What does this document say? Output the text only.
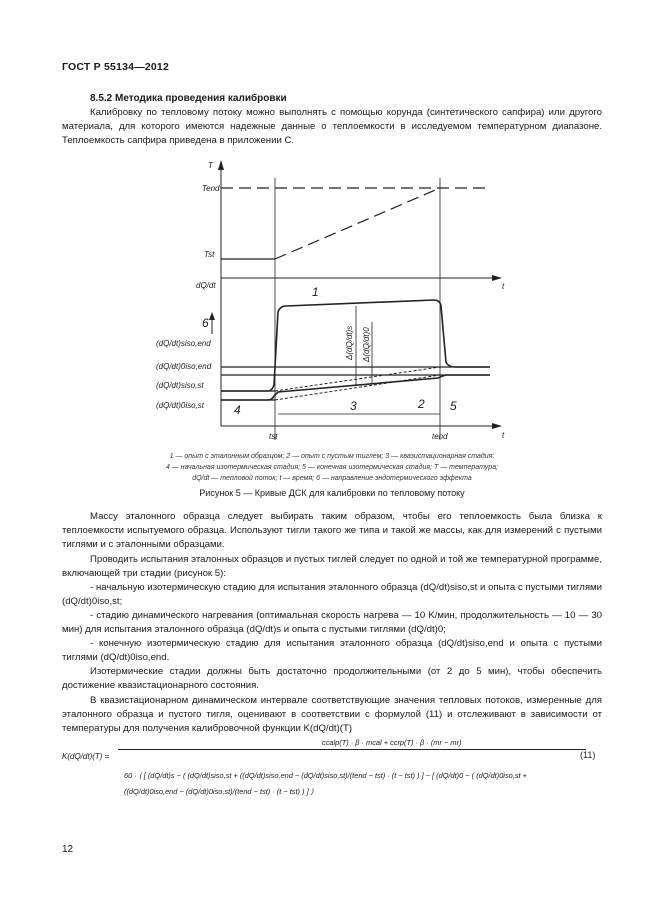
ГОСТ Р 55134—2012
8.5.2 Методика проведения калибровки
Калибровку по тепловому потоку можно выполнять с помощью корунда (синтетического сапфира) или другого материала, для которого имеются надежные данные о теплоемкости в исследуемом температурном диапазоне. Теплоемкость сапфира приведена в приложении С.
T
Tend
Tst
dQ/dt	t
t
(dQ/dt)siso,end
(dQ/dt)0iso,end
(dQ/dt)siso,st
(dQ/dt)0iso,st
Δ(dQ/dt)s Δ(dQ/dt)0
tst	tend
1
2
3
4	5
6
1 — опыт с эталонным образцом; 2 — опыт с пустым тиглем; 3 — квазистационарная стадия;
4 — начальная изотермическая стадия; 5 — конечная изотермическая стадия; T — температура;
dQ/dt — тепловой поток; t — время; 6 — направление эндотермического эффекта
Рисунок 5 — Кривые ДСК для калибровки по тепловому потоку
Массу эталонного образца следует выбирать таким образом, чтобы его теплоемкость была близка к теплоемкости испытуемого образца. Используют тигли такого же типа и такой же массы, как для измерений с пустыми тиглями и с эталонными образцами.
Проводить испытания эталонных образцов и пустых тиглей следует по одной и той же температурной программе, включающей три стадии (рисунок 5):
- начальную изотермическую стадию для испытания эталонного образца (dQ/dt)siso,st и опыта с пустыми тиглями (dQ/dt)0iso,st;
- стадию динамического нагревания (оптимальная скорость нагрева — 10 K/мин, продолжительность — 10 — 30 мин) для испытания эталонного образца (dQ/dt)s и опыта с пустыми тиглями (dQ/dt)0;
- конечную изотермическую стадию для испытания эталонного образца (dQ/dt)siso,end и опыта с пустыми тиглями (dQ/dt)0iso,end.
Изотермические стадии должны быть достаточно продолжительными (от 2 до 5 мин), чтобы обеспечить достижение квазистационарного состояния.
В квазистационарном динамическом интервале соответствующие значения тепловых потоков, измеренные для эталонного образца и пустого тигля, оценивают в соответствии с формулой (11) и отслеживают в зависимости от температуры для получения калибровочной функции K(dQ/dt)(T)
K(dQ/dt)(T) =
ccalp(T) · β · mcal + ccrp(T) · β · (mr − mr)
60 · ⟨ [ (dQ/dt)s − ( (dQ/dt)siso,st + ((dQ/dt)siso,end − (dQ/dt)siso,st)/(tend − tst) · (t − tst) ) ] − [ (dQ/dt)0 − ( (dQ/dt)0iso,st + ((dQ/dt)0iso,end − (dQ/dt)0iso,st)/(tend − tst) · (t − tst) ) ] ⟩
(11)
12
